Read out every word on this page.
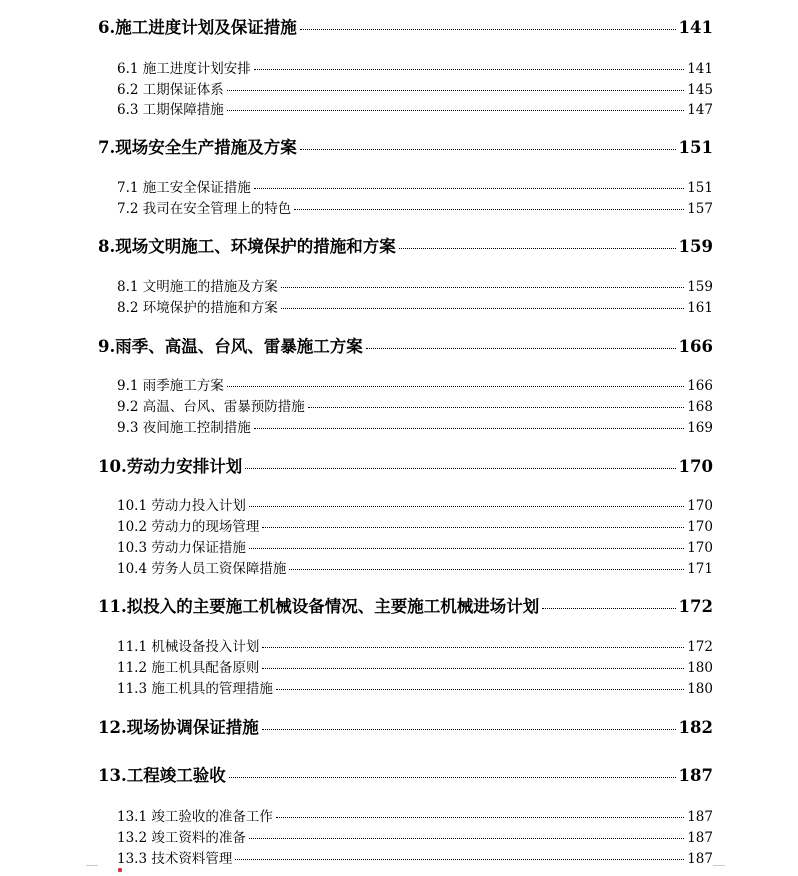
6.施工进度计划及保证措施	141
6.1 施工进度计划安排	141
6.2 工期保证体系	145
6.3 工期保障措施	147
7.现场安全生产措施及方案	151
7.1 施工安全保证措施	151
7.2 我司在安全管理上的特色	157
8.现场文明施工、环境保护的措施和方案	159
8.1 文明施工的措施及方案	159
8.2 环境保护的措施和方案	161
9.雨季、高温、台风、雷暴施工方案	166
9.1 雨季施工方案	166
9.2 高温、台风、雷暴预防措施	168
9.3 夜间施工控制措施	169
10.劳动力安排计划	170
10.1 劳动力投入计划	170
10.2 劳动力的现场管理	170
10.3 劳动力保证措施	170
10.4 劳务人员工资保障措施	171
11.拟投入的主要施工机械设备情况、主要施工机械进场计划	172
11.1 机械设备投入计划	172
11.2 施工机具配备原则	180
11.3 施工机具的管理措施	180
12.现场协调保证措施	182
13.工程竣工验收	187
13.1 竣工验收的准备工作	187
13.2 竣工资料的准备	187
13.3 技术资料管理	187
